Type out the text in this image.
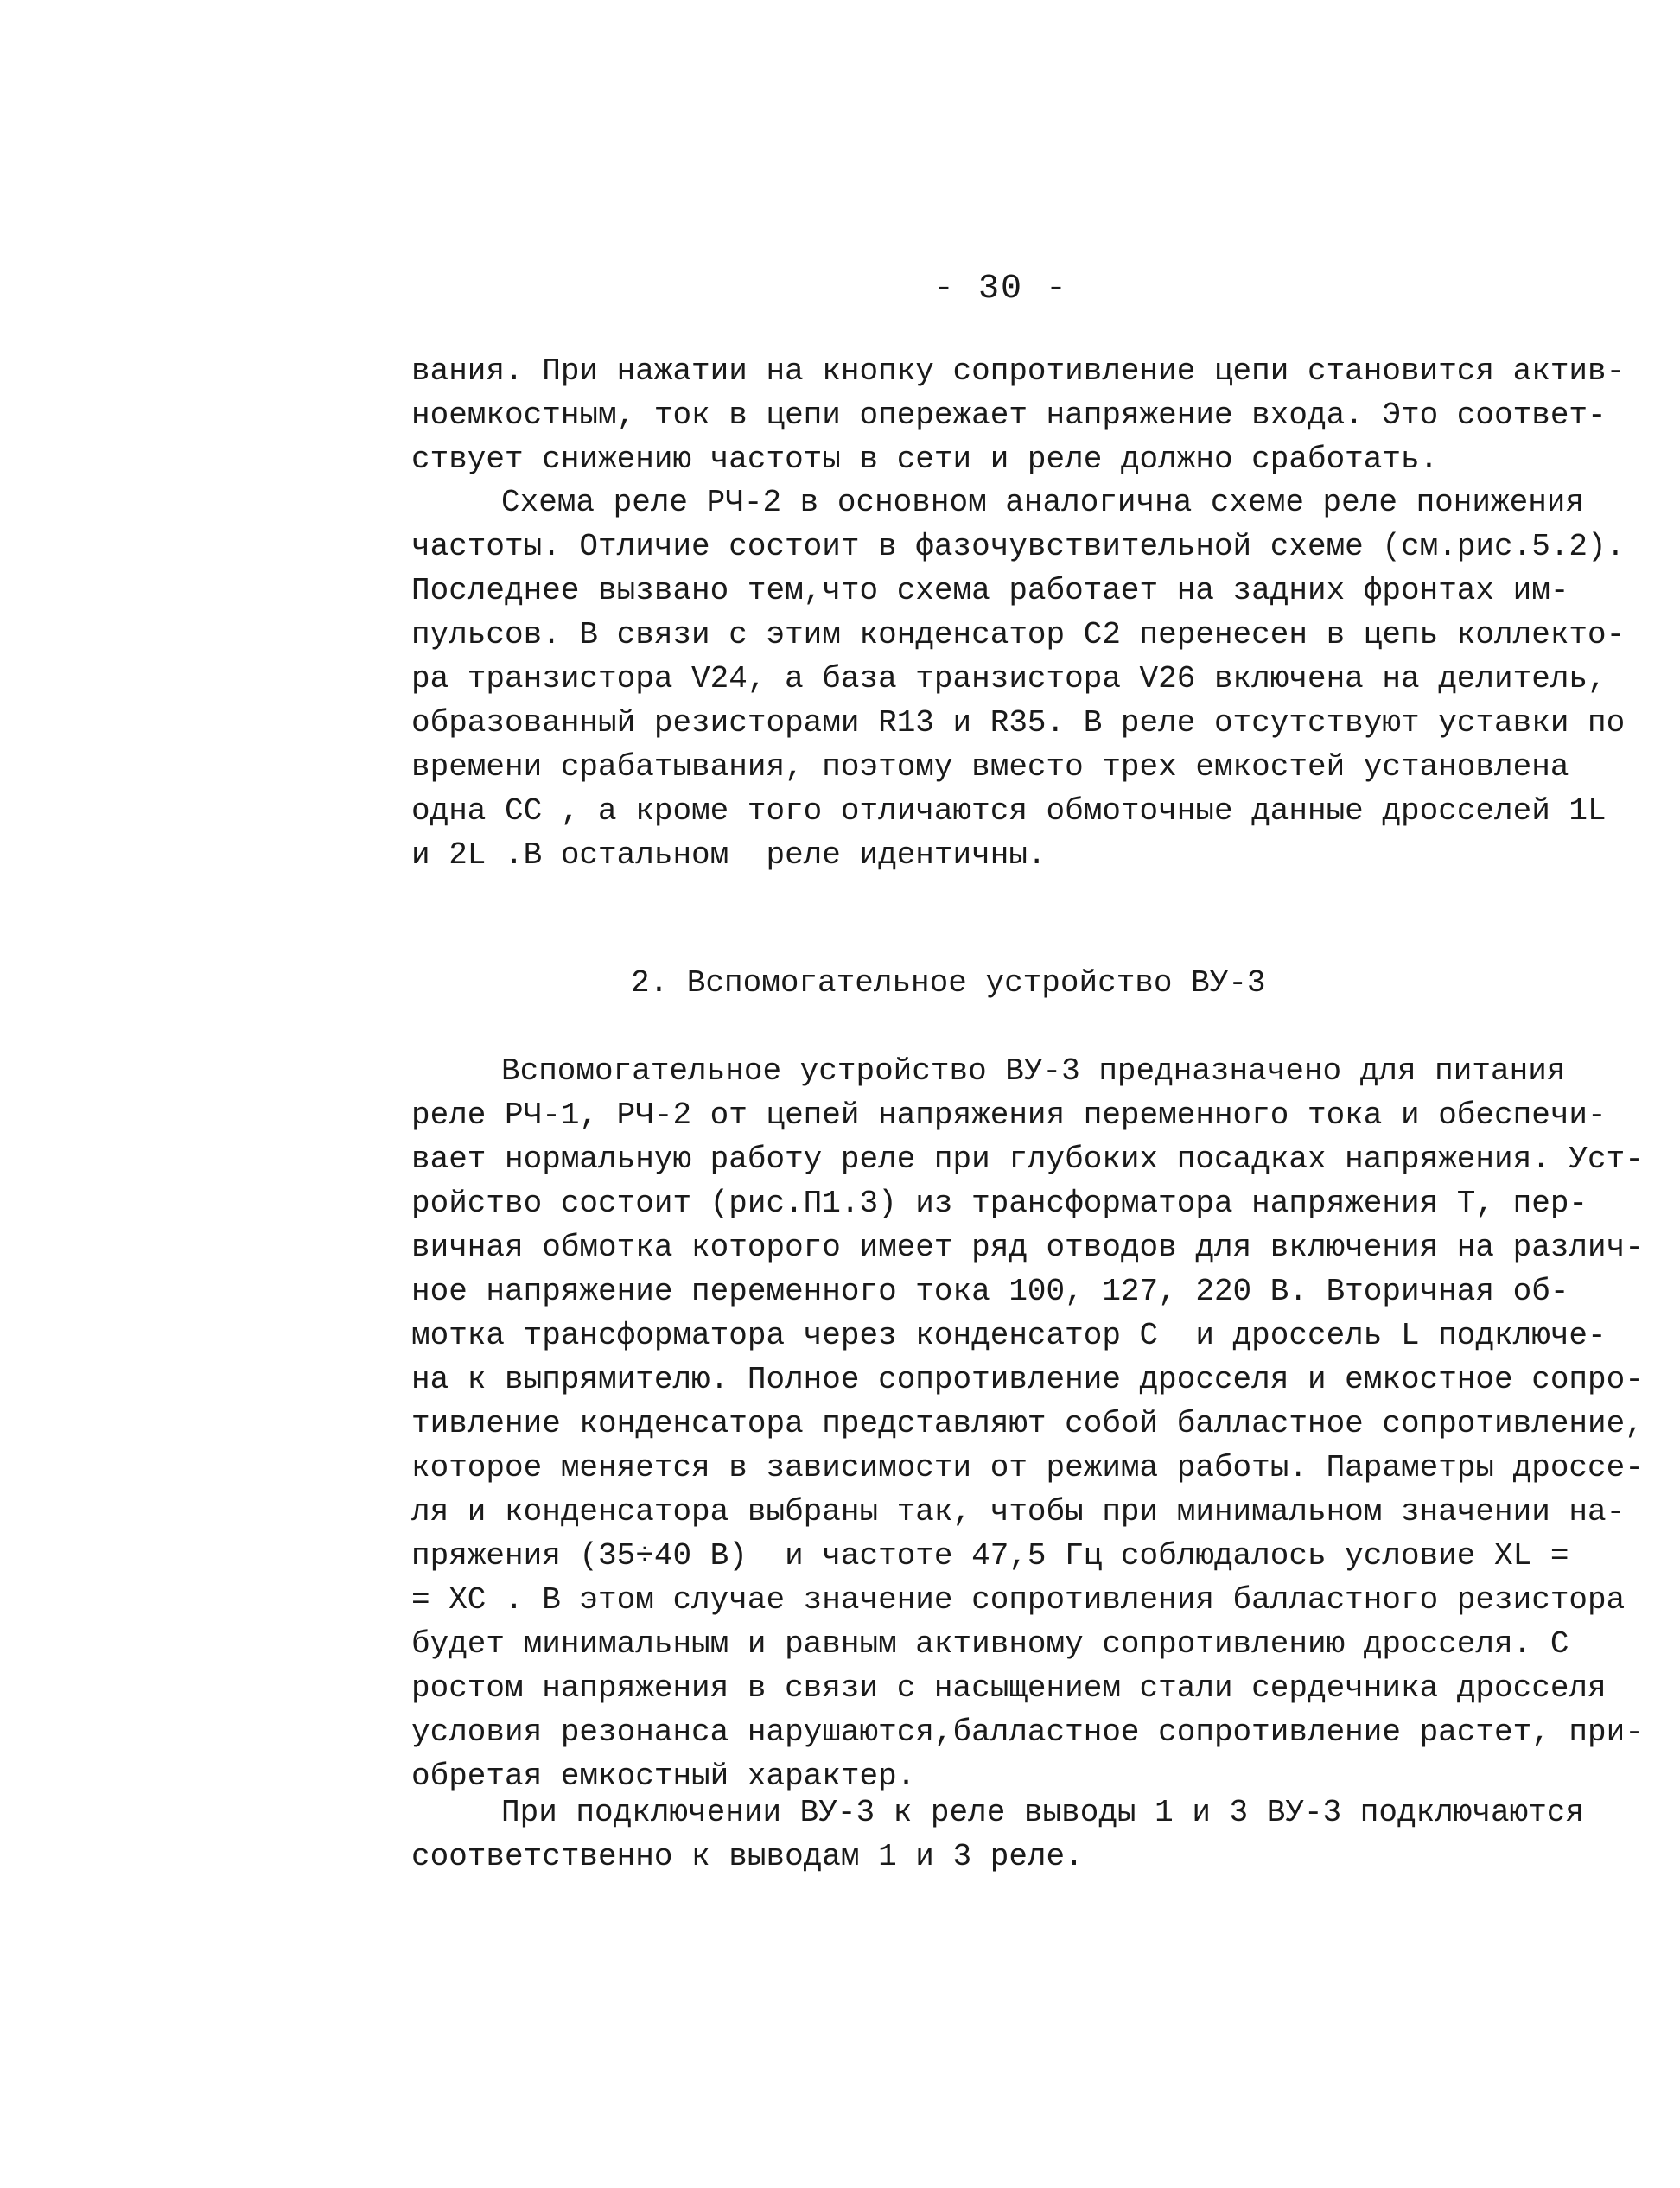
- 30 -
вания. При нажатии на кнопку сопротивление цепи становится актив-
ноемкостным, ток в цепи опережает напряжение входа. Это соответ-
ствует снижению частоты в сети и реле должно сработать.
Схема реле РЧ-2 в основном аналогична схеме реле понижения
частоты. Отличие состоит в фазочувствительной схеме (см.рис.5.2).
Последнее вызвано тем,что схема работает на задних фронтах им-
пульсов. В связи с этим конденсатор С2 перенесен в цепь коллекто-
ра транзистора V24, а база транзистора V26 включена на делитель,
образованный резисторами R13 и R35. В реле отсутствуют уставки по
времени срабатывания, поэтому вместо трех емкостей установлена
одна СС , а кроме того отличаются обмоточные данные дросселей 1L
и 2L .В остальном  реле идентичны.
2. Вспомогательное устройство ВУ-3
Вспомогательное устройство ВУ-3 предназначено для питания
реле РЧ-1, РЧ-2 от цепей напряжения переменного тока и обеспечи-
вает нормальную работу реле при глубоких посадках напряжения. Уст-
ройство состоит (рис.П1.3) из трансформатора напряжения Т, пер-
вичная обмотка которого имеет ряд отводов для включения на различ-
ное напряжение переменного тока 100, 127, 220 В. Вторичная об-
мотка трансформатора через конденсатор С  и дроссель L подключе-
на к выпрямителю. Полное сопротивление дросселя и емкостное сопро-
тивление конденсатора представляют собой балластное сопротивление,
которое меняется в зависимости от режима работы. Параметры дроссе-
ля и конденсатора выбраны так, чтобы при минимальном значении на-
пряжения (35÷40 В)  и частоте 47,5 Гц соблюдалось условие XL =
= XC . В этом случае значение сопротивления балластного резистора
будет минимальным и равным активному сопротивлению дросселя. С
ростом напряжения в связи с насыщением стали сердечника дросселя
условия резонанса нарушаются,балластное сопротивление растет, при-
обретая емкостный характер.
При подключении ВУ-3 к реле выводы 1 и 3 ВУ-3 подключаются
соответственно к выводам 1 и 3 реле.
